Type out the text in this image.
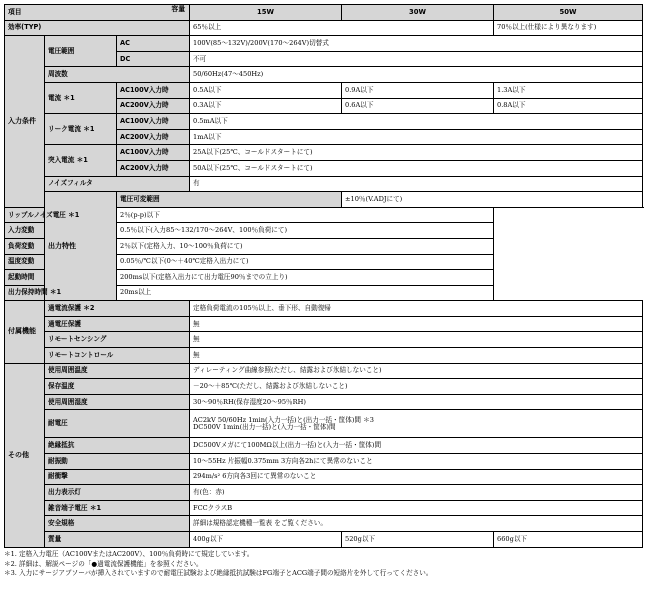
項目 容量			15W	30W	50W
効率(TYP)			65％以上		70％以上(仕様により異なります)
入力条件	電圧範囲	AC	100V(85〜132V)/200V(170〜264V)切替式		
		DC	不可		
	周波数		50/60Hz(47〜450Hz)		
	電流 ＊1	AC100V入力時	0.5A以下	0.9A以下	1.3A以下
		AC200V入力時	0.3A以下	0.6A以下	0.8A以下
	リーク電流 ＊1	AC100V入力時	0.5mA以下		
		AC200V入力時	1mA以下		
	突入電流 ＊1	AC100V入力時	25A以下(25℃、コールドスタートにて)		
		AC200V入力時	50A以下(25℃、コールドスタートにて)		
	ノイズフィルタ		有		
	出力特性	電圧可変範囲		±10％(V.ADJにて)	
リップルノイズ電圧 ＊1		2％(p-p)以下			
入力変動		0.5％以下(入力85〜132/170〜264V、100％負荷にて)			
負荷変動		2％以下(定格入力、10〜100％負荷にて)			
温度変動		0.05％/℃以下(0〜＋40℃定格入出力にて)			
起動時間		200ms以下(定格入出力にて出力電圧90％までの立上り)			
出力保持時間 ＊1		20ms以上			
付属機能	過電流保護 ＊2		定格負荷電流の105％以上、垂下形、自動復帰		
	過電圧保護		無		
	リモートセンシング		無		
	リモートコントロール		無		
その他	使用周囲温度		ディレーティング曲線参照(ただし、結露および氷結しないこと)		
	保存温度		－20〜＋85℃(ただし、結露および氷結しないこと)		
	使用周囲湿度		30〜90％RH(保存湿度20〜95％RH)		
	耐電圧		AC2kV 50/60Hz 1min(入力一括)と(出力一括・筐体)間 ＊3
DC500V 1min(出力一括)と(入力一括・筐体)間		

	絶縁抵抗		DC500Vメガにて100MΩ以上(出力一括)と(入力一括・筐体)間		
	耐振動		10〜55Hz 片振幅0.375mm 3方向各2hにて異常のないこと		
	耐衝撃		294m/s² 6方向各3回にて異常のないこと		
	出力表示灯		有(色：赤)		
	雑音端子電圧 ＊1		FCCクラスB		
	安全規格		詳細は規格認定機種一覧表 をご覧ください。		
	質量		400g以下	520g以下	660g以下
＊1. 定格入力電圧（AC100VまたはAC200V）、100％負荷時にて規定しています。
＊2. 詳細は、解説ページの「●過電流保護機能」を参照ください。
＊3. 入力にサージアブソーバが挿入されていますので耐電圧試験および絶縁抵抗試験はFG端子とACG端子間の短絡片を外して行ってください。
